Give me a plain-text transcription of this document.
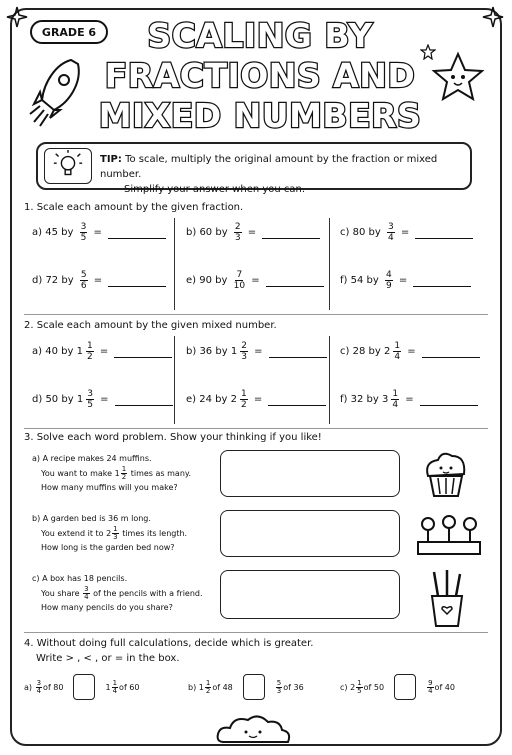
GRADE 6	SCALING BY
FRACTIONS AND
MIXED NUMBERS
TIP: To scale, multiply the original amount by the fraction or mixed number.
Simplify your answer when you can.
1. Scale each amount by the given fraction.
a)
45
by
$\frac{3}{5}$
=	b)
60
by
$\frac{2}{3}$
=	c)
80
by
$\frac{3}{4}$
=
d)
72
by
$\frac{5}{6}$
=	e)
90
by
$\frac{7}{10}$
=	f)
54
by
$\frac{4}{9}$
=
2. Scale each amount by the given mixed number.
a)
40
by
$1 \frac{1}{2}$
=	b)
36
by
$1 \frac{2}{3}$
=	c)
28
by
$2 \frac{1}{4}$
=
d)
50
by
$1 \frac{3}{5}$
=	e)
24
by
$2 \frac{1}{2}$
=	f)
32
by
$3 \frac{1}{4}$
=
3. Solve each word problem. Show your thinking if you like!
a) A recipe makes 24 muffins.
You want to make
$1 \frac{1}{2}$
times as many.
How many muffins will you make?
b) A garden bed is 36 m long.
You extend it to
$2 \frac{1}{3}$
times its length.
How long is the garden bed now?
c) A box has 18 pencils.
You share
$\frac{3}{4}$
of the pencils with a friend.
How many pencils do you share?
4. Without doing full calculations, decide which is greater.
Write > , < , or = in the box.
a)
$\frac{3}{4}$ of 80	$1 \frac{1}{4}$ of 60	b)
$1 \frac{1}{2}$ of 48	$\frac{5}{3}$ of 36	c)
$2 \frac{1}{5}$ of 50	$\frac{9}{4}$ of 40
